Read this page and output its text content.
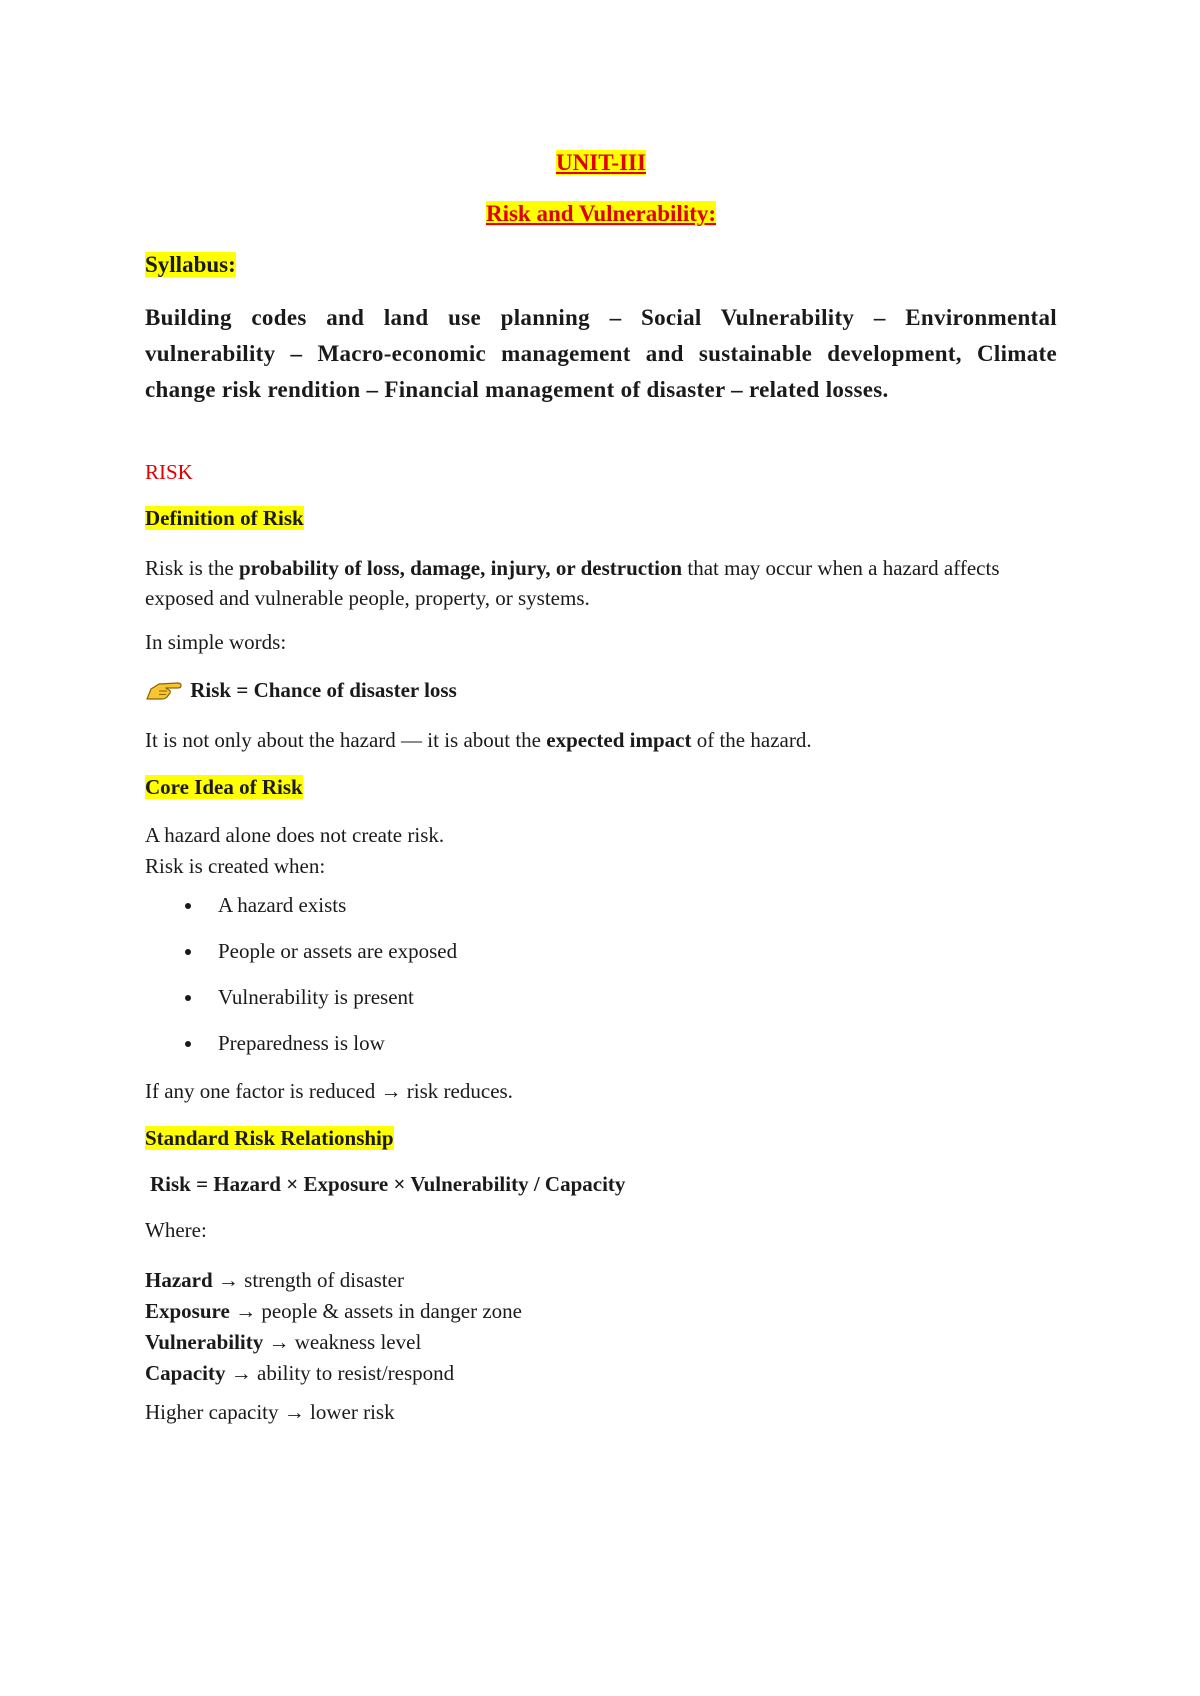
UNIT-III
Risk and Vulnerability:
Syllabus:
Building codes and land use planning – Social Vulnerability – Environmental vulnerability – Macro-economic management and sustainable development, Climate change risk rendition – Financial management of disaster – related losses.
RISK
Definition of Risk
Risk is the probability of loss, damage, injury, or destruction that may occur when a hazard affects exposed and vulnerable people, property, or systems.
In simple words:
Risk = Chance of disaster loss
It is not only about the hazard — it is about the expected impact of the hazard.
Core Idea of Risk
A hazard alone does not create risk.
Risk is created when:
A hazard exists
People or assets are exposed
Vulnerability is present
Preparedness is low
If any one factor is reduced → risk reduces.
Standard Risk Relationship
Risk = Hazard × Exposure × Vulnerability / Capacity
Where:
Hazard → strength of disaster
Exposure → people & assets in danger zone
Vulnerability → weakness level
Capacity → ability to resist/respond
Higher capacity → lower risk
